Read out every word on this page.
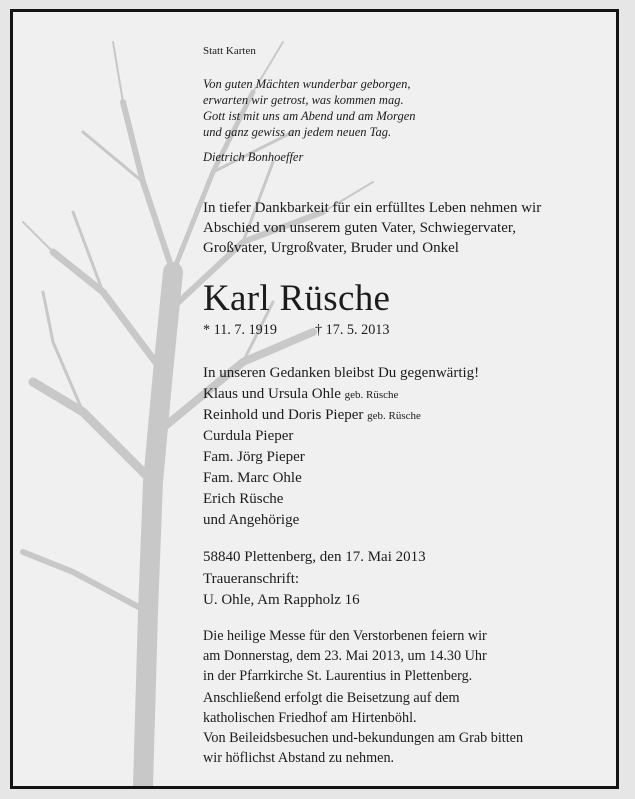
Statt Karten
Von guten Mächten wunderbar geborgen,
erwarten wir getrost, was kommen mag.
Gott ist mit uns am Abend und am Morgen
und ganz gewiss an jedem neuen Tag.
Dietrich Bonhoeffer
In tiefer Dankbarkeit für ein erfülltes Leben nehmen wir
Abschied von unserem guten Vater, Schwiegervater,
Großvater, Urgroßvater, Bruder und Onkel
Karl Rüsche
* 11. 7. 1919	† 17. 5. 2013
In unseren Gedanken bleibst Du gegenwärtig!
Klaus und Ursula Ohle geb. Rüsche
Reinhold und Doris Pieper geb. Rüsche
Curdula Pieper
Fam. Jörg Pieper
Fam. Marc Ohle
Erich Rüsche
und Angehörige
58840 Plettenberg, den 17. Mai 2013
Traueranschrift:
U. Ohle, Am Rappholz 16
Die heilige Messe für den Verstorbenen feiern wir
am Donnerstag, dem 23. Mai 2013, um 14.30 Uhr
in der Pfarrkirche St. Laurentius in Plettenberg.
Anschließend erfolgt die Beisetzung auf dem
katholischen Friedhof am Hirtenböhl.
Von Beileidsbesuchen und-bekundungen am Grab bitten
wir höflichst Abstand zu nehmen.
